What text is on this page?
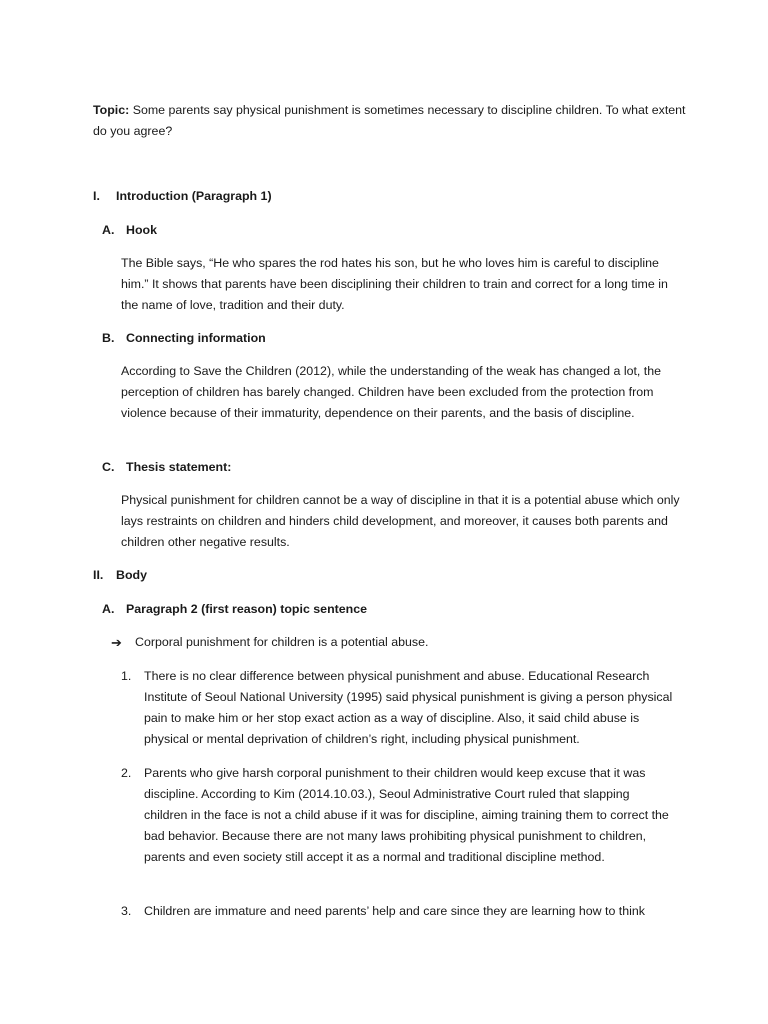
Topic: Some parents say physical punishment is sometimes necessary to discipline children. To what extent do you agree?

I. Introduction (Paragraph 1)
A. Hook

The Bible says, “He who spares the rod hates his son, but he who loves him is careful to discipline him.” It shows that parents have been disciplining their children to train and correct for a long time in the name of love, tradition and their duty.

B. Connecting information

According to Save the Children (2012), while the understanding of the weak has changed a lot, the perception of children has barely changed. Children have been excluded from the protection from violence because of their immaturity, dependence on their parents, and the basis of discipline.

C. Thesis statement:

Physical punishment for children cannot be a way of discipline in that it is a potential abuse which only lays restraints on children and hinders child development, and moreover, it causes both parents and children other negative results.

II. Body
A. Paragraph 2 (first reason) topic sentence
➔ Corporal punishment for children is a potential abuse.
1. There is no clear difference between physical punishment and abuse. Educational Research Institute of Seoul National University (1995) said physical punishment is giving a person physical pain to make him or her stop exact action as a way of discipline. Also, it said child abuse is physical or mental deprivation of children’s right, including physical punishment.

2. Parents who give harsh corporal punishment to their children would keep excuse that it was discipline. According to Kim (2014.10.03.), Seoul Administrative Court ruled that slapping children in the face is not a child abuse if it was for discipline, aiming training them to correct the bad behavior. Because there are not many laws prohibiting physical punishment to children, parents and even society still accept it as a normal and traditional discipline method.

3. Children are immature and need parents’ help and care since they are learning how to think
